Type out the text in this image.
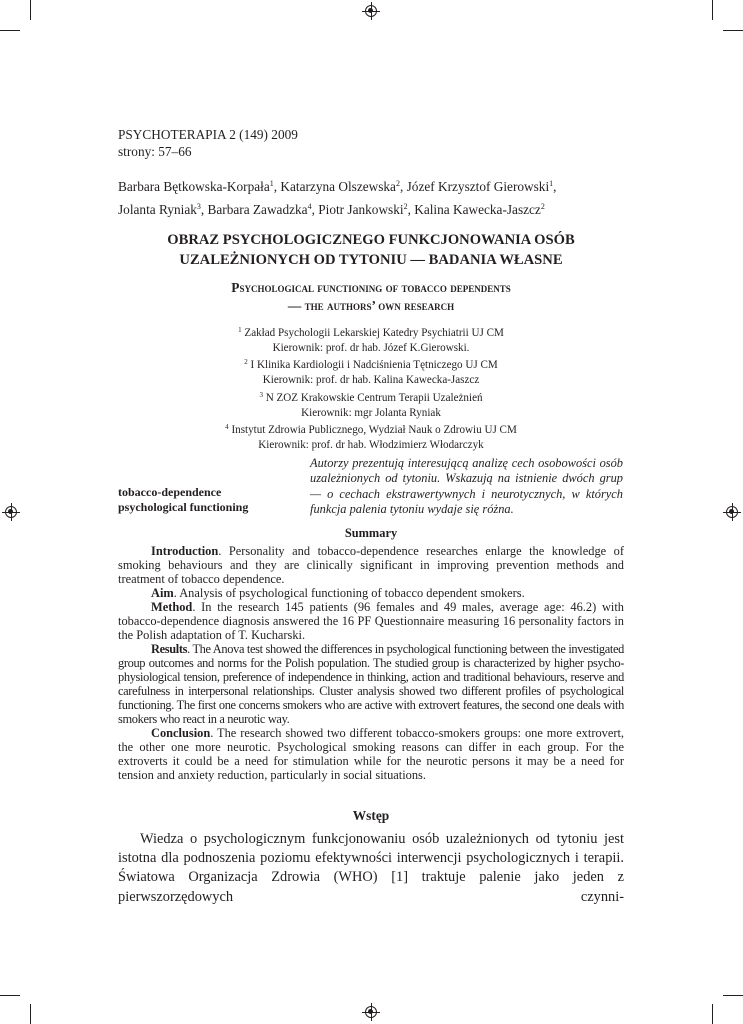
PSYCHOTERAPIA 2 (149) 2009
strony: 57–66
Barbara Bętkowska-Korpała$^1$, Katarzyna Olszewska$^2$, Józef Krzysztof Gierowski$^1$,
Jolanta Ryniak$^3$, Barbara Zawadzka$^4$, Piotr Jankowski$^2$, Kalina Kawecka-Jaszcz$^2$
OBRAZ PSYCHOLOGICZNEGO FUNKCJONOWANIA OSÓB
UZALEŻNIONYCH OD TYTONIU — BADANIA WŁASNE
Psychological functioning of tobacco dependents
— the authors’ own research
$^1$ Zakład Psychologii Lekarskiej Katedry Psychiatrii UJ CM
Kierownik: prof. dr hab. Józef K.Gierowski.
$^2$ I Klinika Kardiologii i Nadciśnienia Tętniczego UJ CM
Kierownik: prof. dr hab. Kalina Kawecka-Jaszcz
$^3$ N ZOZ Krakowskie Centrum Terapii Uzależnień
Kierownik: mgr Jolanta Ryniak
$^4$ Instytut Zdrowia Publicznego, Wydział Nauk o Zdrowiu UJ CM
Kierownik: prof. dr hab. Włodzimierz Włodarczyk
Autorzy prezentują interesującą analizę cech osobowości osób uzależnionych od tytoniu. Wskazują na istnienie dwóch grup — o cechach ekstrawertywnych i neurotycznych, w których funkcja palenia tytoniu wydaje się różna.
tobacco-dependence
psychological functioning
Summary

Introduction. Personality and tobacco-dependence researches enlarge the knowledge of smoking behaviours and they are clinically significant in improving prevention methods and treatment of tobacco dependence.

Aim. Analysis of psychological functioning of tobacco dependent smokers.

Method. In the research 145 patients (96 females and 49 males, average age: 46.2) with tobacco-dependence diagnosis answered the 16 PF Questionnaire measuring 16 personality factors in the Polish adaptation of T. Kucharski.

Results. The Anova test showed the differences in psychological functioning between the investigated group outcomes and norms for the Polish population. The studied group is characterized by higher psycho-physiological tension, preference of independence in thinking, action and traditional behaviours, reserve and carefulness in interpersonal relationships. Cluster analysis showed two different profiles of psychological functioning. The first one concerns smokers who are active with extrovert features, the second one deals with smokers who react in a neurotic way.

Conclusion. The research showed two different tobacco-smokers groups: one more extrovert, the other one more neurotic. Psychological smoking reasons can differ in each group. For the extroverts it could be a need for stimulation while for the neurotic persons it may be a need for tension and anxiety reduction, particularly in social situations.

Wstęp

Wiedza o psychologicznym funkcjonowaniu osób uzależnionych od tytoniu jest istotna dla podnoszenia poziomu efektywności interwencji psychologicznych i terapii. Światowa Organizacja Zdrowia (WHO) [1] traktuje palenie jako jeden z pierwszorzędowych czynni-
